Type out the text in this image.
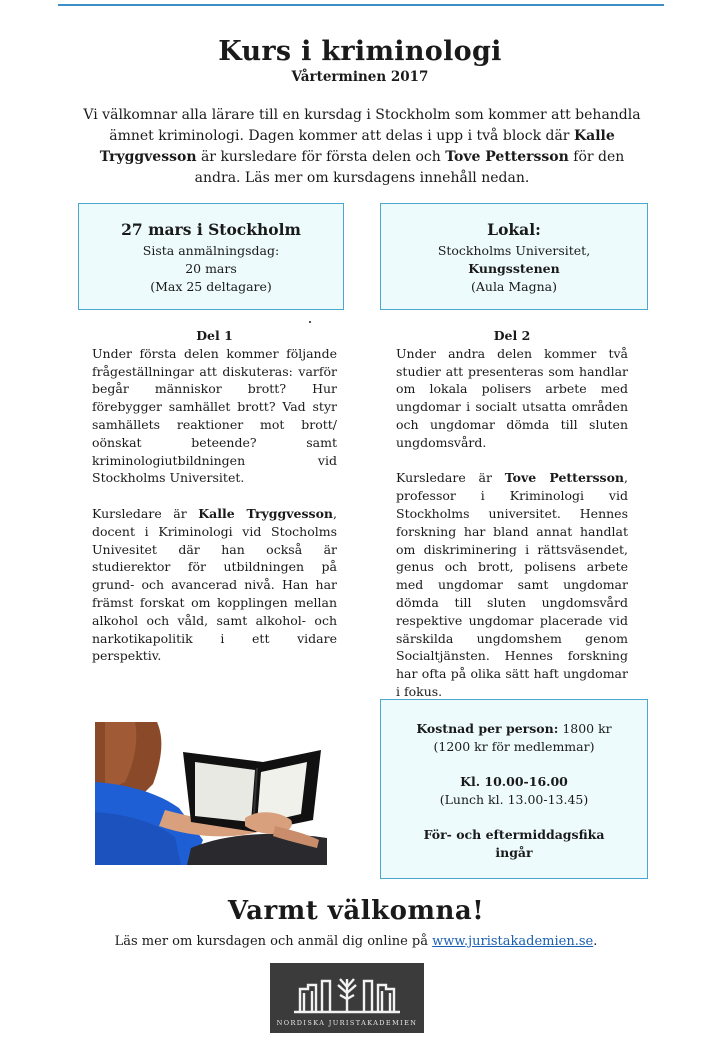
Kurs i kriminologi
Vårterminen 2017

Vi välkomnar alla lärare till en kursdag i Stockholm som kommer att behandla ämnet kriminologi. Dagen kommer att delas i upp i två block där Kalle Tryggvesson är kursledare för första delen och Tove Pettersson för den andra. Läs mer om kursdagens innehåll nedan.

27 mars i Stockholm
Sista anmälningsdag:
20 mars
(Max 25 deltagare)
Lokal:
Stockholms Universitet,
Kungsstenen
(Aula Magna)
Del 1

Under första delen kommer följande frågeställningar att diskuteras: varför begår människor brott? Hur förebygger samhället brott? Vad styr samhällets reaktioner mot brott/ oönskat beteende? samt kriminologiutbildningen vid Stockholms Universitet.

Kursledare är Kalle Tryggvesson, docent i Kriminologi vid Stocholms Univesitet där han också är studierektor för utbildningen på grund- och avancerad nivå. Han har främst forskat om kopplingen mellan alkohol och våld, samt alkohol- och narkotikapolitik i ett vidare perspektiv.

Del 2

Under andra delen kommer två studier att presenteras som handlar om lokala polisers arbete med ungdomar i socialt utsatta områden och ungdomar dömda till sluten ungdomsvård.

Kursledare är Tove Pettersson, professor i Kriminologi vid Stockholms universitet. Hennes forskning har bland annat handlat om diskriminering i rättsväsendet, genus och brott, polisens arbete med ungdomar samt ungdomar dömda till sluten ungdomsvård respektive ungdomar placerade vid särskilda ungdomshem genom Socialtjänsten. Hennes forskning har ofta på olika sätt haft ungdomar i fokus.

Kostnad per person: 1800 kr
(1200 kr för medlemmar)
Kl. 10.00-16.00
(Lunch kl. 13.00-13.45)
För- och eftermiddagsfika
ingår
Varmt välkomna!
Läs mer om kursdagen och anmäl dig online på www.juristakademien.se.
NORDISKA JURISTAKADEMIEN
